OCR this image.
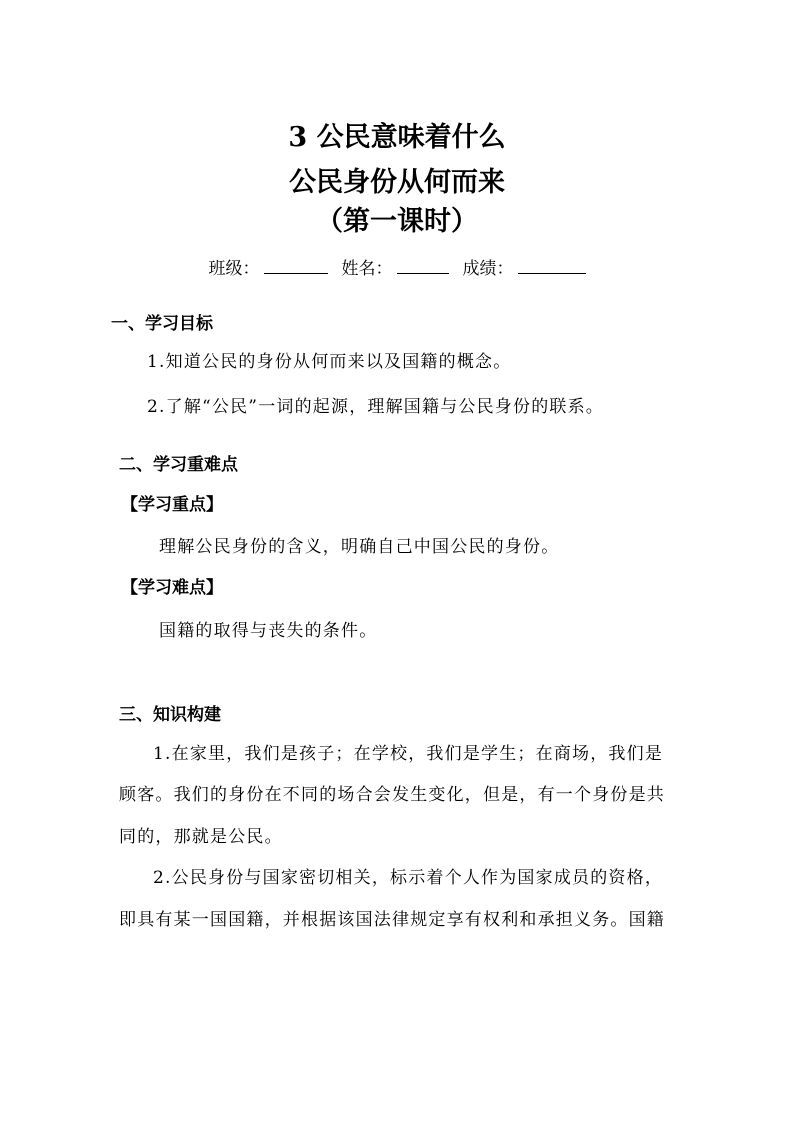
3 公民意味着什么
公民身份从何而来
（第一课时）
班级：	姓名：	成绩：
一、学习目标
1.知道公民的身份从何而来以及国籍的概念。
2.了解“公民”一词的起源，理解国籍与公民身份的联系。
二、学习重难点
【学习重点】
理解公民身份的含义，明确自己中国公民的身份。
【学习难点】
国籍的取得与丧失的条件。
三、知识构建
1.在家里，我们是孩子；在学校，我们是学生；在商场，我们是
顾客。我们的身份在不同的场合会发生变化，但是，有一个身份是共
同的，那就是公民。
2.公民身份与国家密切相关，标示着个人作为国家成员的资格，
即具有某一国国籍，并根据该国法律规定享有权利和承担义务。国籍
